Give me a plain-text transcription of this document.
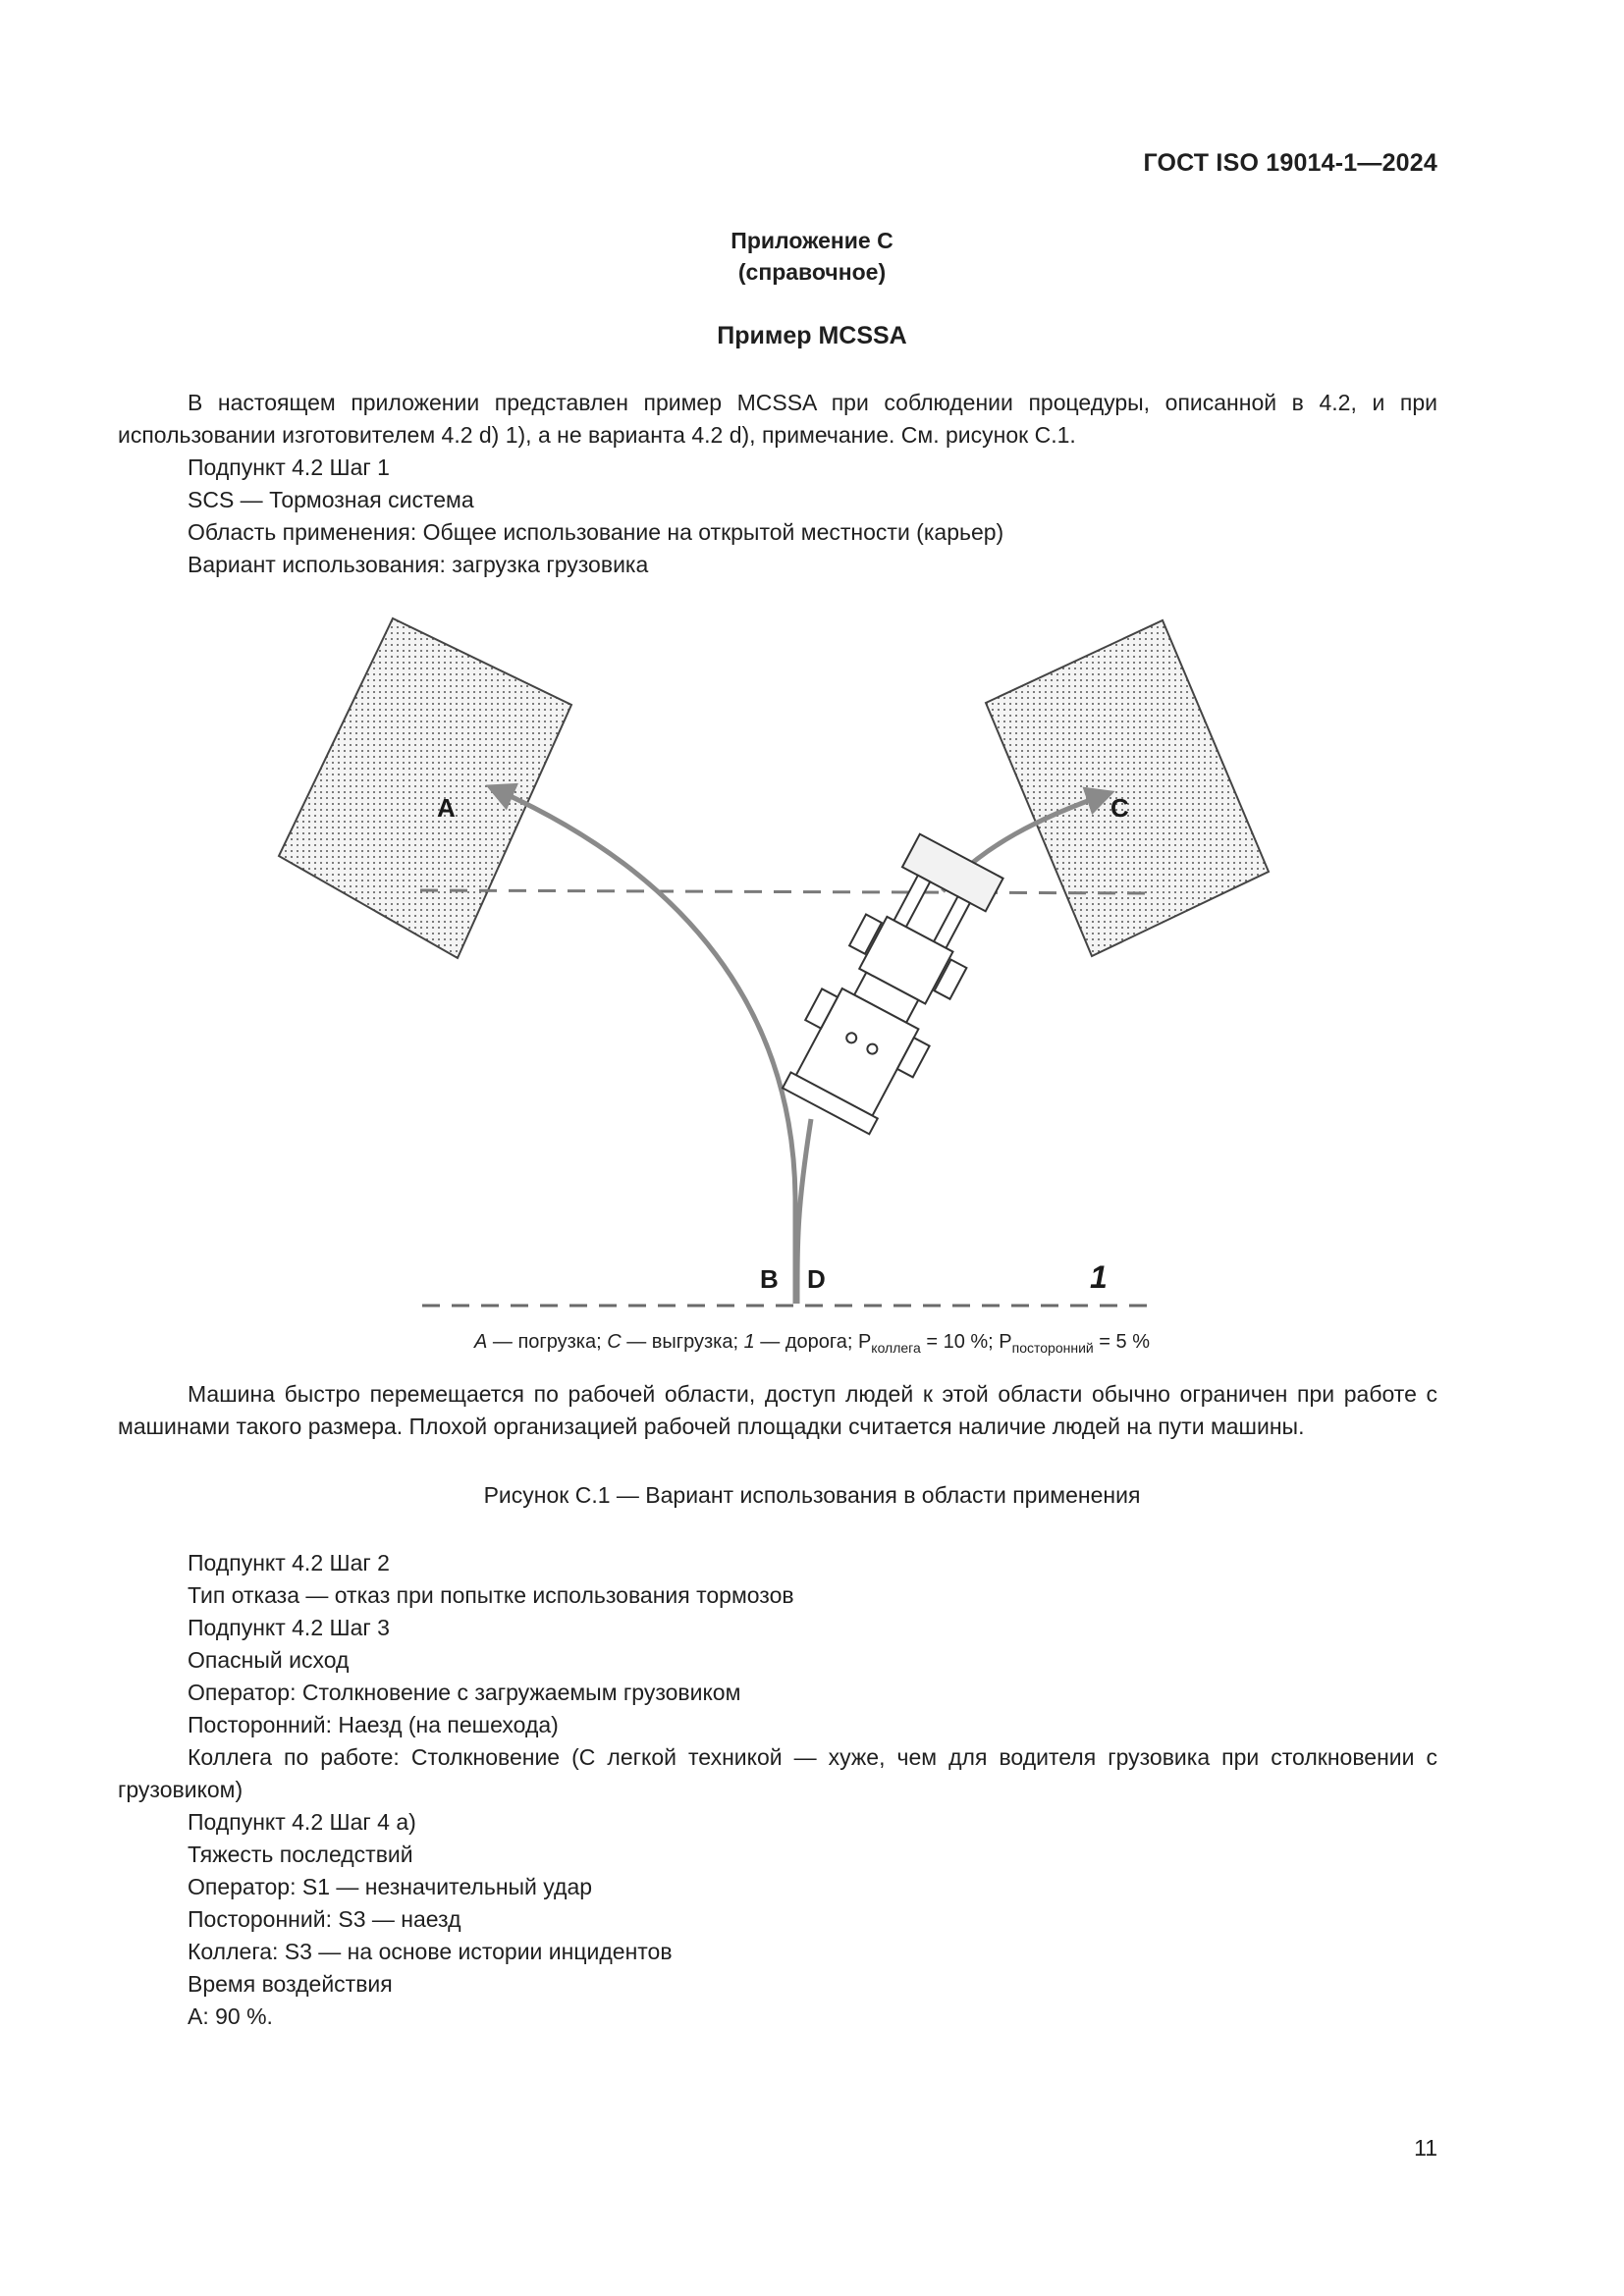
ГОСТ ISO 19014-1—2024
Приложение С
(справочное)
Пример MCSSA
В настоящем приложении представлен пример MCSSA при соблюдении процедуры, описанной в 4.2, и при использовании изготовителем 4.2 d) 1), а не варианта 4.2 d), примечание. См. рисунок С.1.
Подпункт 4.2 Шаг 1
SCS — Тормозная система
Область применения: Общее использование на открытой местности (карьер)
Вариант использования: загрузка грузовика
A	C
B D	1
A — погрузка; С — выгрузка; 1 — дорога; $P_{коллега} = 10$ %; $P_{посторонний} = 5$ %
Машина быстро перемещается по рабочей области, доступ людей к этой области обычно ограничен при работе с машинами такого размера. Плохой организацией рабочей площадки считается наличие людей на пути машины.
Рисунок С.1 — Вариант использования в области применения
Подпункт 4.2 Шаг 2
Тип отказа — отказ при попытке использования тормозов
Подпункт 4.2 Шаг 3
Опасный исход
Оператор: Столкновение с загружаемым грузовиком
Посторонний: Наезд (на пешехода)
Коллега по работе: Столкновение (С легкой техникой — хуже, чем для водителя грузовика при столкновении с грузовиком)
Подпункт 4.2 Шаг 4 а)
Тяжесть последствий
Оператор: S1 — незначительный удар
Посторонний: S3 — наезд
Коллега: S3 — на основе истории инцидентов
Время воздействия
А: 90 %.
11
